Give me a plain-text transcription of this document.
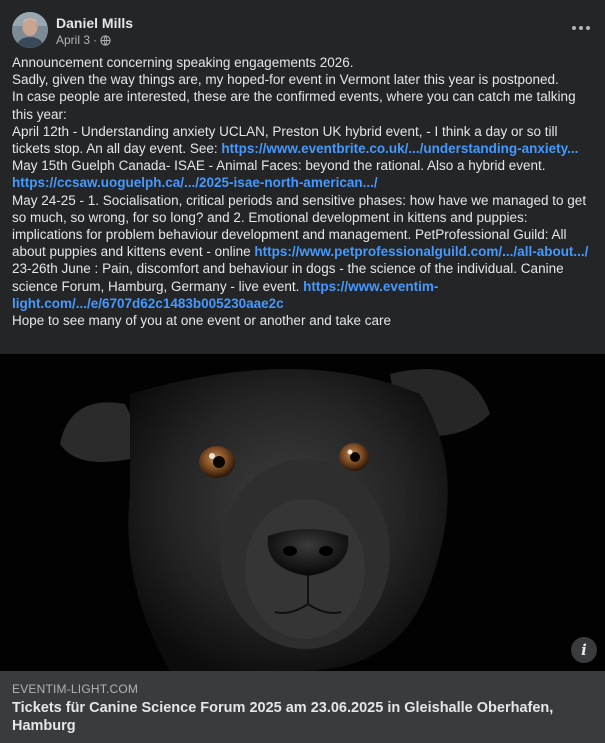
Daniel Mills
April 3 ·
Announcement concerning speaking engagements 2026.
Sadly, given the way things are, my hoped-for event in Vermont later this year is postponed.
In case people are interested, these are the confirmed events, where you can catch me talking this year:
April 12th - Understanding anxiety UCLAN, Preston UK hybrid event, - I think a day or so till tickets stop. An all day event. See: https://www.eventbrite.co.uk/.../understanding-anxiety...
May 15th Guelph Canada- ISAE - Animal Faces: beyond the rational. Also a hybrid event.
https://ccsaw.uoguelph.ca/.../2025-isae-north-american.../
May 24-25 - 1. Socialisation, critical periods and sensitive phases: how have we managed to get so much, so wrong, for so long? and 2. Emotional development in kittens and puppies: implications for problem behaviour development and management. PetProfessional Guild: All about puppies and kittens event - online https://www.petprofessionalguild.com/.../all-about.../
23-26th June : Pain, discomfort and behaviour in dogs - the science of the individual. Canine science Forum, Hamburg, Germany - live event. https://www.eventim-light.com/.../e/6707d62c1483b005230aae2c
Hope to see many of you at one event or another and take care
i
EVENTIM-LIGHT.COM
Tickets für Canine Science Forum 2025 am 23.06.2025 in Gleishalle Oberhafen, Hamburg
